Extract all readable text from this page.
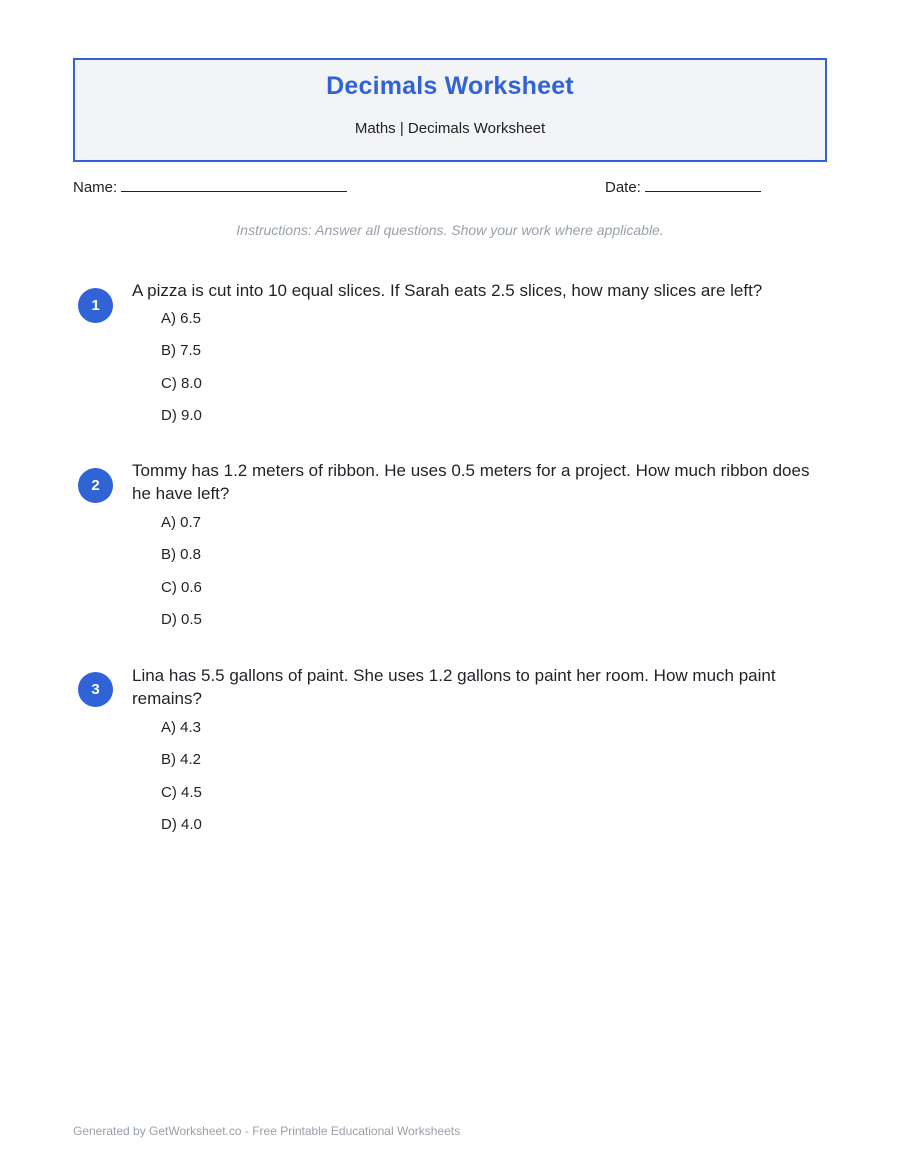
Decimals Worksheet
Maths | Decimals Worksheet
Name:	Date:
Instructions: Answer all questions. Show your work where applicable.
1
A pizza is cut into 10 equal slices. If Sarah eats 2.5 slices, how many slices are left?
A) 6.5
B) 7.5
C) 8.0
D) 9.0
2
Tommy has 1.2 meters of ribbon. He uses 0.5 meters for a project. How much ribbon does he have left?
A) 0.7
B) 0.8
C) 0.6
D) 0.5
3
Lina has 5.5 gallons of paint. She uses 1.2 gallons to paint her room. How much paint remains?
A) 4.3
B) 4.2
C) 4.5
D) 4.0
Generated by GetWorksheet.co - Free Printable Educational Worksheets
